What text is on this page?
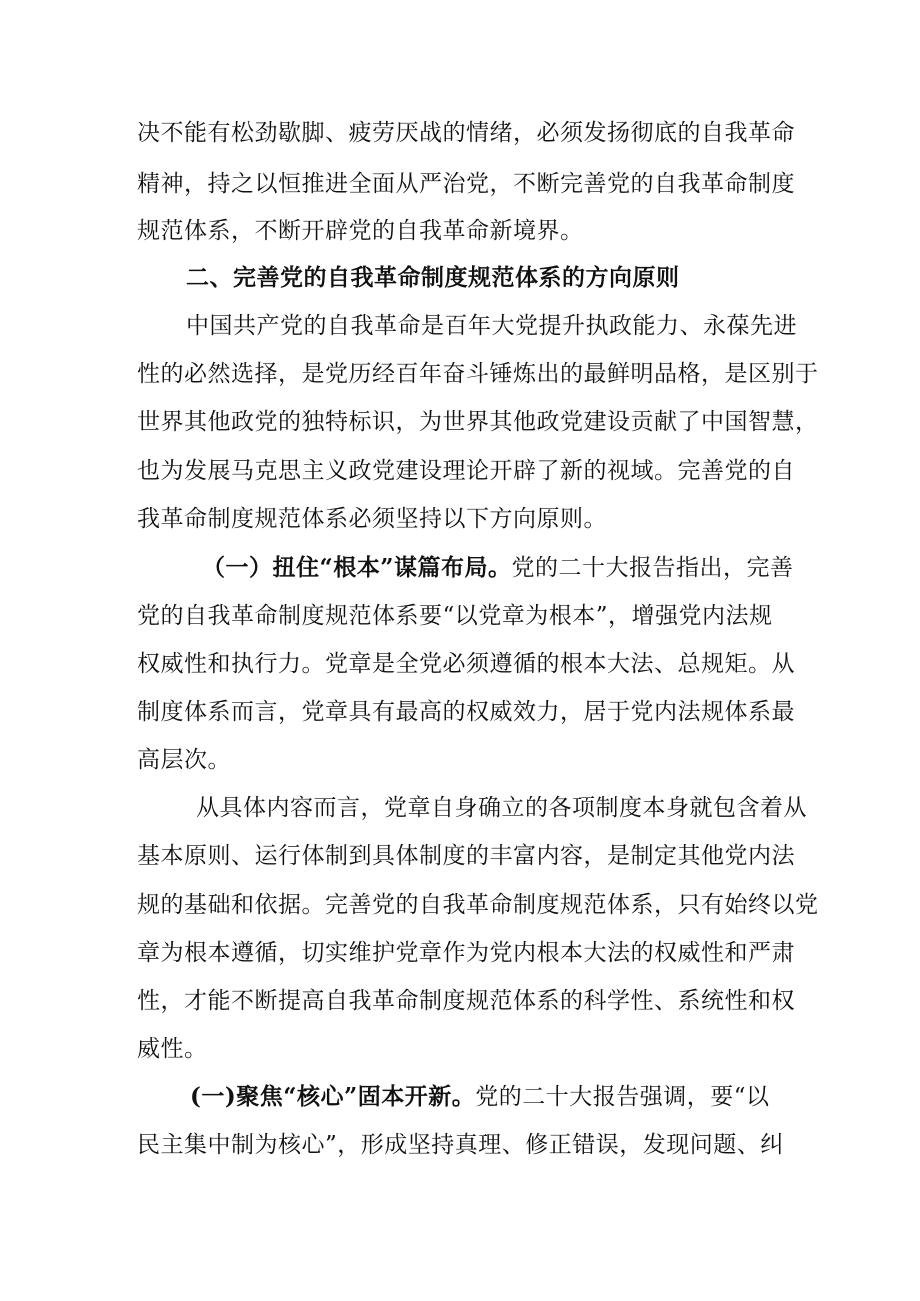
决不能有松劲歇脚、疲劳厌战的情绪，必须发扬彻底的自我革命
精神，持之以恒推进全面从严治党，不断完善党的自我革命制度
规范体系，不断开辟党的自我革命新境界。
二、完善党的自我革命制度规范体系的方向原则
中国共产党的自我革命是百年大党提升执政能力、永葆先进
性的必然选择，是党历经百年奋斗锤炼出的最鲜明品格，是区别于
世界其他政党的独特标识，为世界其他政党建设贡献了中国智慧，
也为发展马克思主义政党建设理论开辟了新的视域。完善党的自
我革命制度规范体系必须坚持以下方向原则。
（一）扭住“根本”谋篇布局。党的二十大报告指出，完善
党的自我革命制度规范体系要“以党章为根本”，增强党内法规
权威性和执行力。党章是全党必须遵循的根本大法、总规矩。从
制度体系而言，党章具有最高的权威效力，居于党内法规体系最
高层次。
从具体内容而言，党章自身确立的各项制度本身就包含着从
基本原则、运行体制到具体制度的丰富内容，是制定其他党内法
规的基础和依据。完善党的自我革命制度规范体系，只有始终以党
章为根本遵循，切实维护党章作为党内根本大法的权威性和严肃
性，才能不断提高自我革命制度规范体系的科学性、系统性和权
威性。
(一)聚焦“核心”固本开新。党的二十大报告强调，要“以
民主集中制为核心”，形成坚持真理、修正错误，发现问题、纠
